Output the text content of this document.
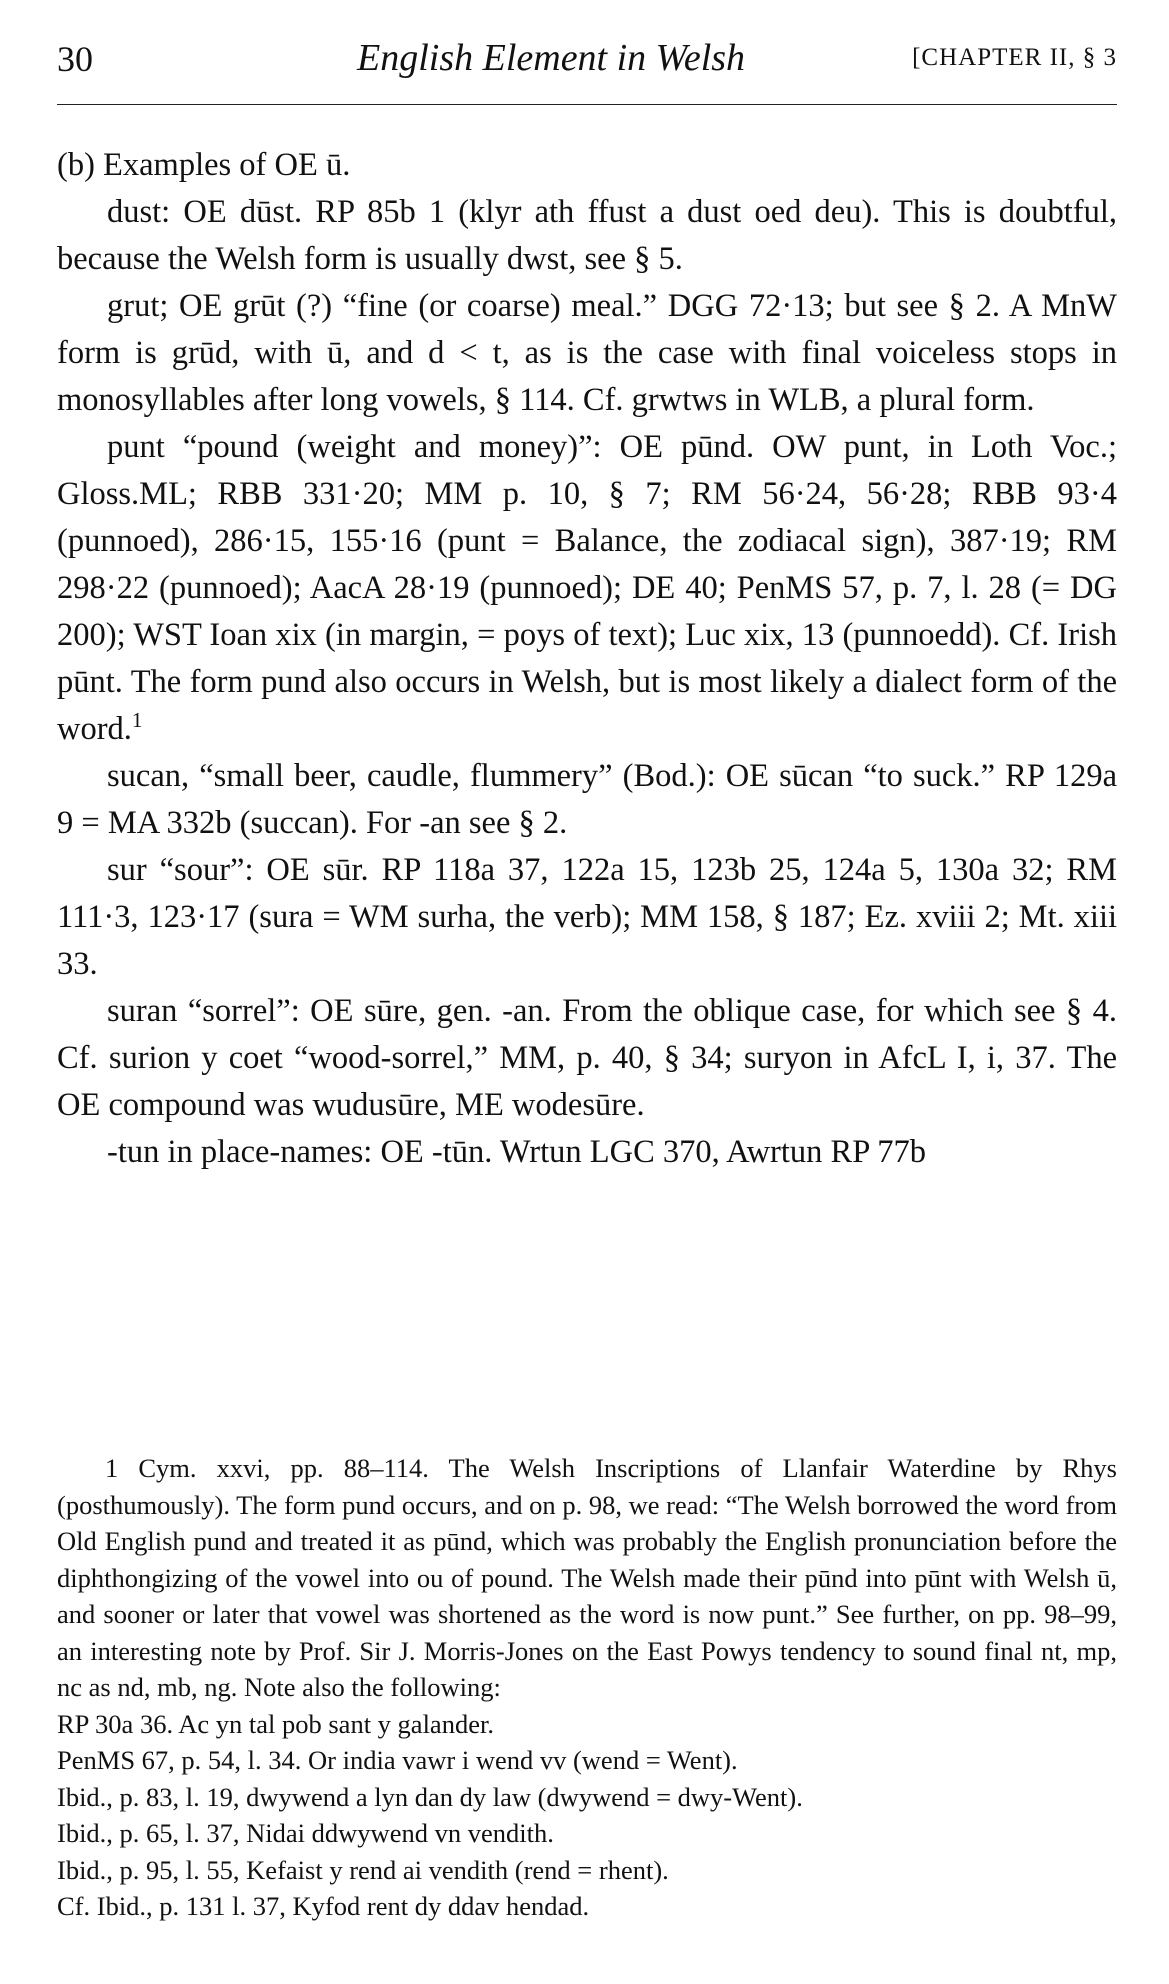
30	English Element in Welsh	[CHAPTER II, § 3

(b) Examples of OE ū.

dust: OE dūst. RP 85b 1 (klyr ath ffust a dust oed deu). This is doubtful, because the Welsh form is usually dwst, see § 5.

grut; OE grūt (?) “fine (or coarse) meal.” DGG 72·13; but see § 2. A MnW form is grūd, with ū, and d < t, as is the case with final voiceless stops in monosyllables after long vowels, § 114. Cf. grwtws in WLB, a plural form.

punt “pound (weight and money)”: OE pūnd. OW punt, in Loth Voc.; Gloss.ML; RBB 331·20; MM p. 10, § 7; RM 56·24, 56·28; RBB 93·4 (punnoed), 286·15, 155·16 (punt = Balance, the zodiacal sign), 387·19; RM 298·22 (punnoed); AacA 28·19 (punnoed); DE 40; PenMS 57, p. 7, l. 28 (= DG 200); WST Ioan xix (in margin, = poys of text); Luc xix, 13 (punnoedd). Cf. Irish pūnt. The form pund also occurs in Welsh, but is most likely a dialect form of the word.$^1$

sucan, “small beer, caudle, flummery” (Bod.): OE sūcan “to suck.” RP 129a 9 = MA 332b (succan). For -an see § 2.

sur “sour”: OE sūr. RP 118a 37, 122a 15, 123b 25, 124a 5, 130a 32; RM 111·3, 123·17 (sura = WM surha, the verb); MM 158, § 187; Ez. xviii 2; Mt. xiii 33.

suran “sorrel”: OE sūre, gen. -an. From the oblique case, for which see § 4. Cf. surion y coet “wood-sorrel,” MM, p. 40, § 34; suryon in AfcL I, i, 37. The OE compound was wudusūre, ME wodesūre.

-tun in place-names: OE -tūn. Wrtun LGC 370, Awrtun RP 77b

1 Cym. xxvi, pp. 88–114. The Welsh Inscriptions of Llanfair Waterdine by Rhys (posthumously). The form pund occurs, and on p. 98, we read: “The Welsh borrowed the word from Old English pund and treated it as pūnd, which was probably the English pronunciation before the diphthongizing of the vowel into ou of pound. The Welsh made their pūnd into pūnt with Welsh ū, and sooner or later that vowel was shortened as the word is now punt.” See further, on pp. 98–99, an interesting note by Prof. Sir J. Morris-Jones on the East Powys tendency to sound final nt, mp, nc as nd, mb, ng. Note also the following:

RP 30a 36. Ac yn tal pob sant y galander.

PenMS 67, p. 54, l. 34. Or india vawr i wend vv (wend = Went).

Ibid., p. 83, l. 19, dwywend a lyn dan dy law (dwywend = dwy-Went).

Ibid., p. 65, l. 37, Nidai ddwywend vn vendith.

Ibid., p. 95, l. 55, Kefaist y rend ai vendith (rend = rhent).

Cf. Ibid., p. 131 l. 37, Kyfod rent dy ddav hendad.
